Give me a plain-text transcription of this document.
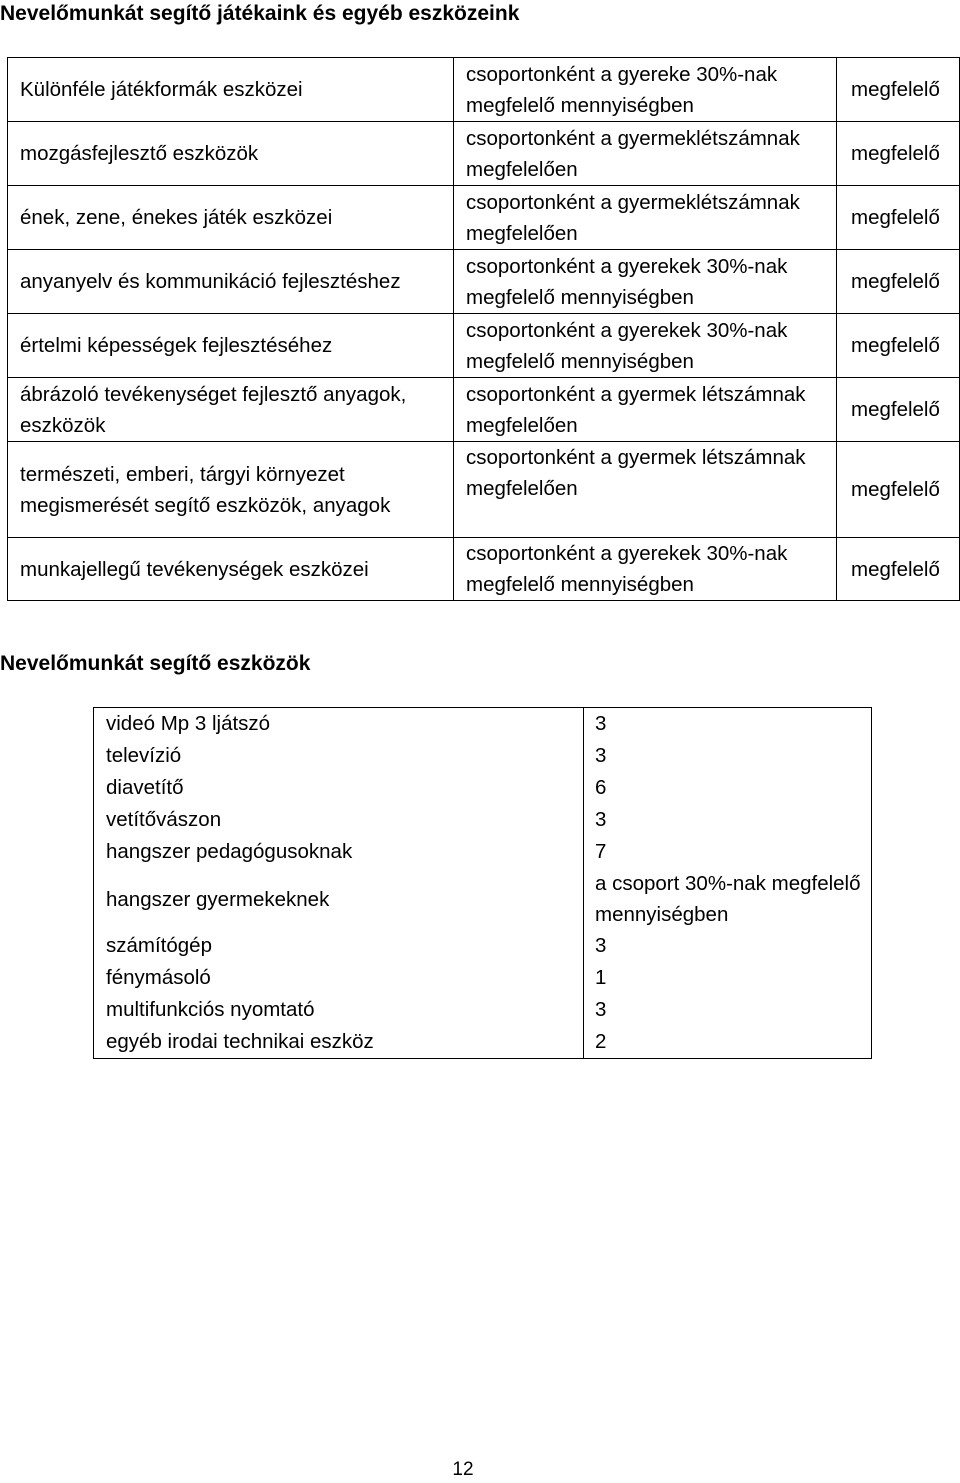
Nevelőmunkát segítő játékaink és egyéb eszközeink
Különféle játékformák eszközei	csoportonként a gyereke 30%-nak megfelelő mennyiségben	megfelelő
mozgásfejlesztő eszközök	csoportonként a gyermeklétszámnak megfelelően	megfelelő
ének, zene, énekes játék eszközei	csoportonként a gyermeklétszámnak megfelelően	megfelelő
anyanyelv és kommunikáció fejlesztéshez	csoportonként a gyerekek 30%-nak megfelelő mennyiségben	megfelelő
értelmi képességek fejlesztéséhez	csoportonként a gyerekek 30%-nak megfelelő mennyiségben	megfelelő
ábrázoló tevékenységet fejlesztő anyagok, eszközök	csoportonként a gyermek létszámnak megfelelően	megfelelő
természeti, emberi, tárgyi környezet megismerését segítő eszközök, anyagok	csoportonként a gyermek létszámnak megfelelően	megfelelő
munkajellegű tevékenységek eszközei	csoportonként a gyerekek 30%-nak megfelelő mennyiségben	megfelelő
Nevelőmunkát segítő eszközök
videó Mp 3 ljátszó	3
televízió	3
diavetítő	6
vetítővászon	3
hangszer pedagógusoknak	7
hangszer gyermekeknek	a csoport 30%-nak megfelelő mennyiségben
számítógép	3
fénymásoló	1
multifunkciós nyomtató	3
egyéb irodai technikai eszköz	2
12
